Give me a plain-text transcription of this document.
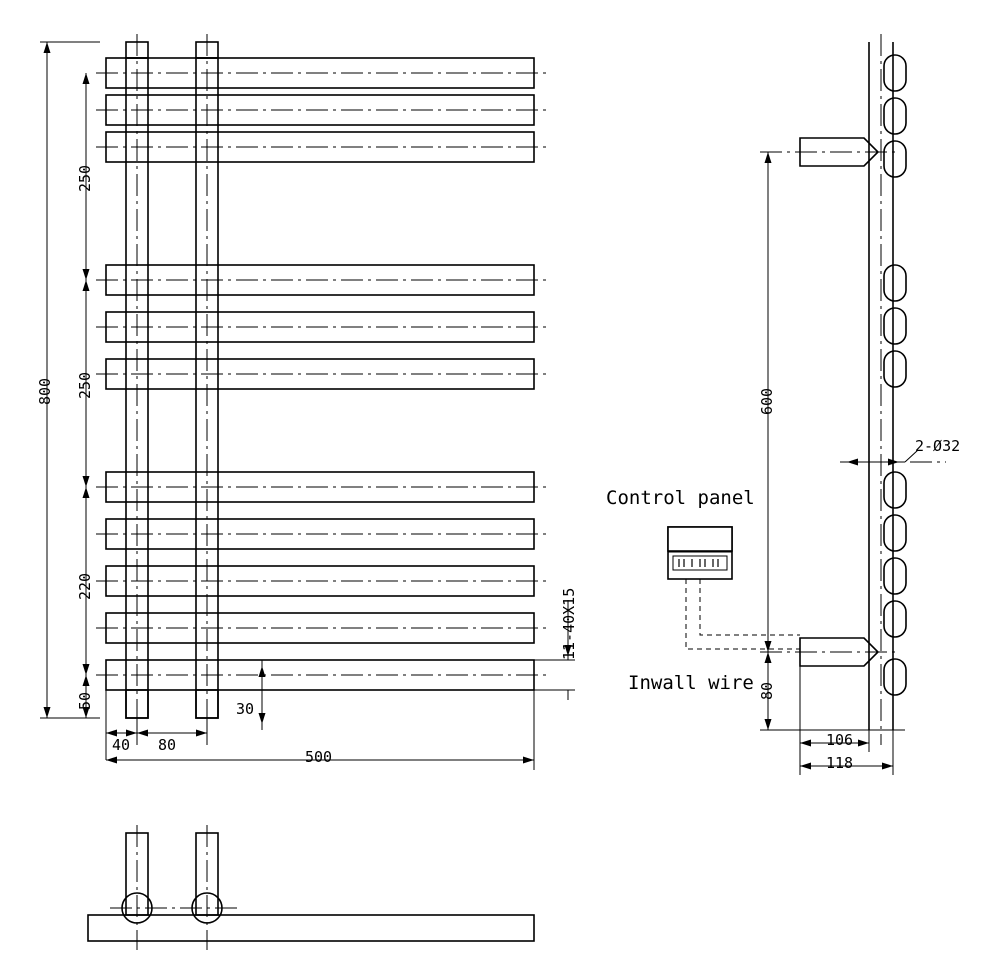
800
250
250
220
50
40 80
30
500
11-40X15
600
80
106
118
2-Ø32
Control panel
Inwall wire
